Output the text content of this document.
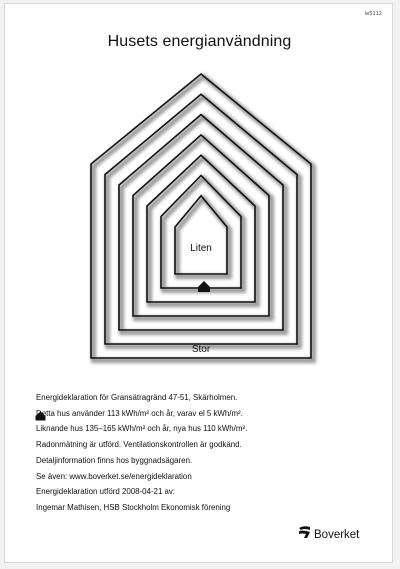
ie5112
Husets energianvändning
Liten
Stor
Energideklaration för Gransätragränd 47-51, Skärholmen.
Detta hus använder 113 kWh/m² och år, varav el 5 kWh/m².
Liknande hus 135–165 kWh/m² och år, nya hus 110 kWh/m².
Radonmätning är utförd. Ventilationskontrollen är godkänd.
Detaljinformation finns hos byggnadsägaren.
Se även: www.boverket.se/energideklaration
Energideklaration utförd 2008-04-21 av:
Ingemar Mathisen, HSB Stockholm Ekonomisk förening
Boverket
